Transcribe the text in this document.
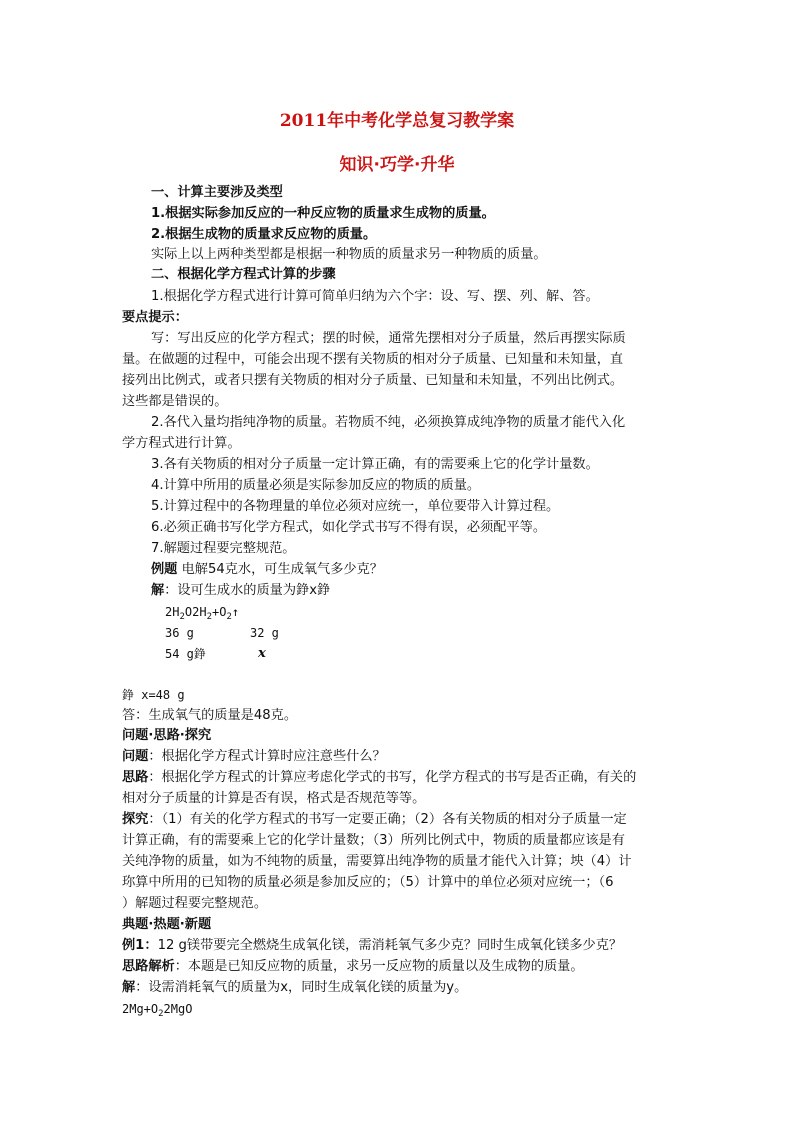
2011年中考化学总复习教学案
知识·巧学·升华
一、计算主要涉及类型
1.根据实际参加反应的一种反应物的质量求生成物的质量。
2.根据生成物的质量求反应物的质量。
实际上以上两种类型都是根据一种物质的质量求另一种物质的质量。
二、根据化学方程式计算的步骤
1.根据化学方程式进行计算可简单归纳为六个字：设、写、摆、列、解、答。
要点提示：
写：写出反应的化学方程式；摆的时候，通常先摆相对分子质量，然后再摆实际质
量。在做题的过程中，可能会出现不摆有关物质的相对分子质量、已知量和未知量，直
接列出比例式，或者只摆有关物质的相对分子质量、已知量和未知量，不列出比例式。
这些都是错误的。
2.各代入量均指纯净物的质量。若物质不纯，必须换算成纯净物的质量才能代入化
学方程式进行计算。
3.各有关物质的相对分子质量一定计算正确，有的需要乘上它的化学计量数。
4.计算中所用的质量必须是实际参加反应的物质的质量。
5.计算过程中的各物理量的单位必须对应统一，单位要带入计算过程。
6.必须正确书写化学方程式，如化学式书写不得有误，必须配平等。
7.解题过程要完整规范。
例题 电解54克水，可生成氧气多少克？
解：设可生成水的质量为錚x錚
$2H_2O2H_2+O_2↑$
36 g	32 g
54 g錚	x
錚 x=48 g
答：生成氧气的质量是48克。
问题·思路·探究
问题：根据化学方程式计算时应注意些什么？
思路：根据化学方程式的计算应考虑化学式的书写，化学方程式的书写是否正确，有关的
相对分子质量的计算是否有误，格式是否规范等等。
探究：（1）有关的化学方程式的书写一定要正确；（2）各有关物质的相对分子质量一定
计算正确，有的需要乘上它的化学计量数；（3）所列比例式中，物质的质量都应该是有
关纯净物的质量，如为不纯物的质量，需要算出纯净物的质量才能代入计算；坱（4）计
珎算中所用的已知物的质量必须是参加反应的；（5）计算中的单位必须对应统一；（6
）解题过程要完整规范。
典题·热题·新题
例1：12 g镁带要完全燃烧生成氧化镁，需消耗氧气多少克？同时生成氧化镁多少克？
思路解析：本题是已知反应物的质量，求另一反应物的质量以及生成物的质量。
解：设需消耗氧气的质量为x，同时生成氧化镁的质量为y。
$2Mg+O_22MgO$
